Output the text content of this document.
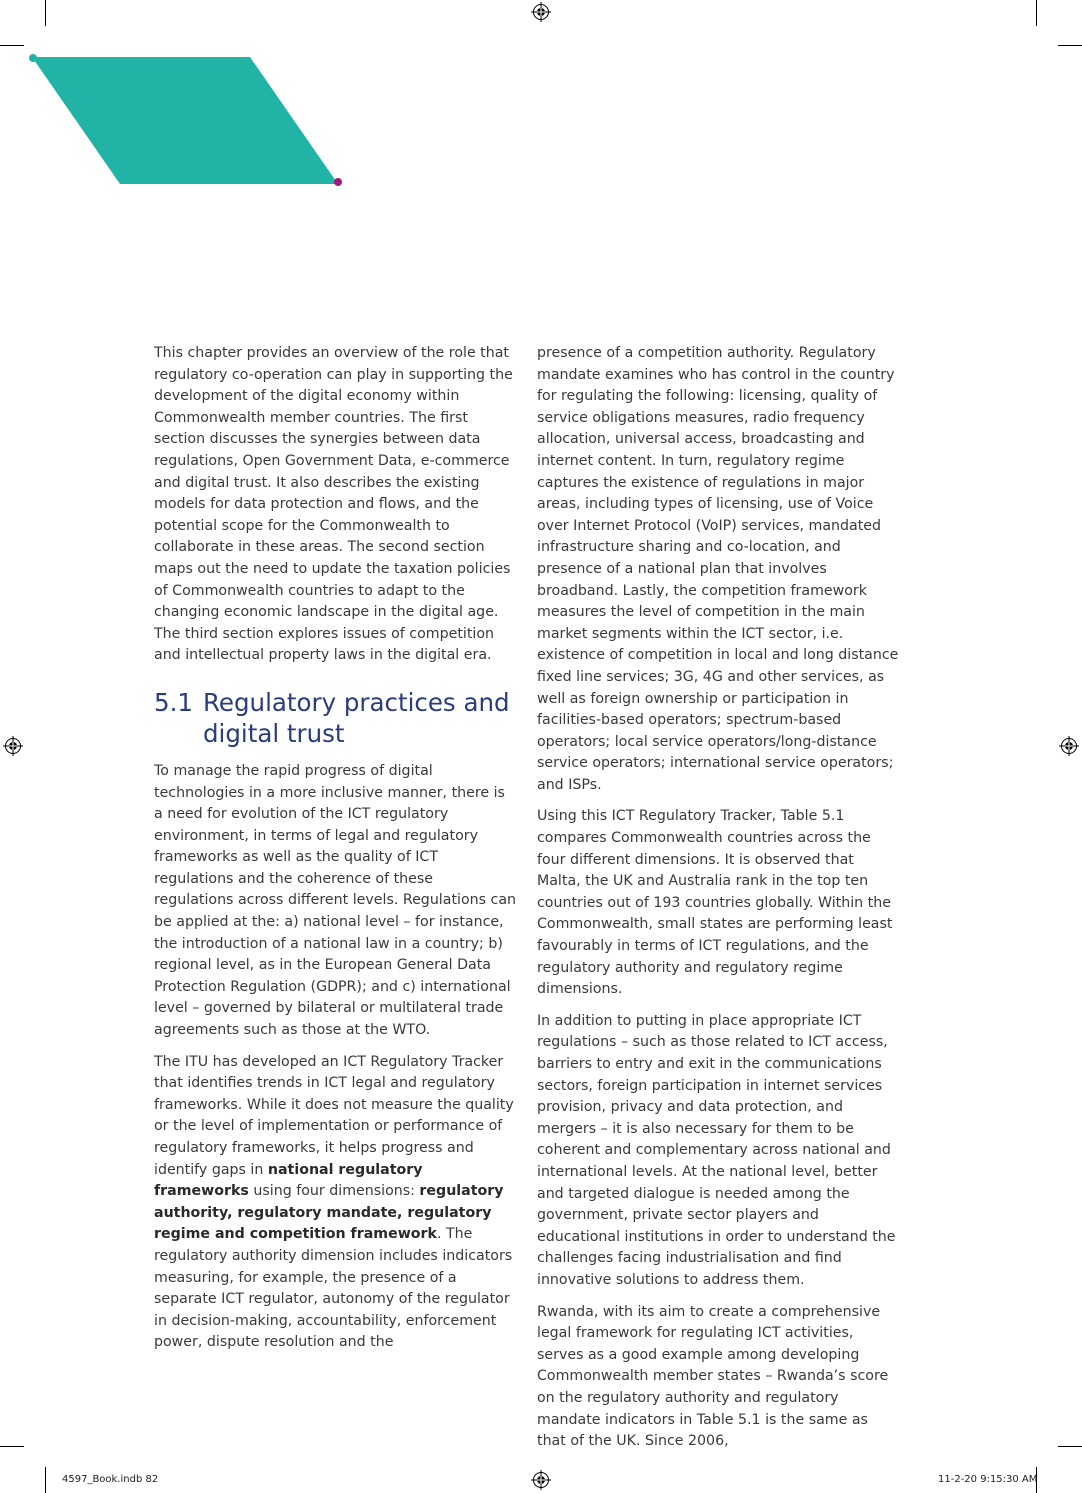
This chapter provides an overview of the role that regulatory co-operation can play in supporting the development of the digital economy within Commonwealth member countries. The first section discusses the synergies between data regulations, Open Government Data, e-commerce and digital trust. It also describes the existing models for data protection and flows, and the potential scope for the Commonwealth to collaborate in these areas. The second section maps out the need to update the taxation policies of Commonwealth countries to adapt to the changing economic landscape in the digital age. The third section explores issues of competition and intellectual property laws in the digital era.

5.1 Regulatory practices and digital trust

To manage the rapid progress of digital technologies in a more inclusive manner, there is a need for evolution of the ICT regulatory environment, in terms of legal and regulatory frameworks as well as the quality of ICT regulations and the coherence of these regulations across different levels. Regulations can be applied at the: a) national level – for instance, the introduction of a national law in a country; b) regional level, as in the European General Data Protection Regulation (GDPR); and c) international level – governed by bilateral or multilateral trade agreements such as those at the WTO.

The ITU has developed an ICT Regulatory Tracker that identifies trends in ICT legal and regulatory frameworks. While it does not measure the quality or the level of implementation or performance of regulatory frameworks, it helps progress and identify gaps in national regulatory frameworks using four dimensions: regulatory authority, regulatory mandate, regulatory regime and competition framework. The regulatory authority dimension includes indicators measuring, for example, the presence of a separate ICT regulator, autonomy of the regulator in decision-making, accountability, enforcement power, dispute resolution and the

presence of a competition authority. Regulatory mandate examines who has control in the country for regulating the following: licensing, quality of service obligations measures, radio frequency allocation, universal access, broadcasting and internet content. In turn, regulatory regime captures the existence of regulations in major areas, including types of licensing, use of Voice over Internet Protocol (VoIP) services, mandated infrastructure sharing and co-location, and presence of a national plan that involves broadband. Lastly, the competition framework measures the level of competition in the main market segments within the ICT sector, i.e. existence of competition in local and long distance fixed line services; 3G, 4G and other services, as well as foreign ownership or participation in facilities-based operators; spectrum-based operators; local service operators/long-distance service operators; international service operators; and ISPs.

Using this ICT Regulatory Tracker, Table 5.1 compares Commonwealth countries across the four different dimensions. It is observed that Malta, the UK and Australia rank in the top ten countries out of 193 countries globally. Within the Commonwealth, small states are performing least favourably in terms of ICT regulations, and the regulatory authority and regulatory regime dimensions.

In addition to putting in place appropriate ICT regulations – such as those related to ICT access, barriers to entry and exit in the communications sectors, foreign participation in internet services provision, privacy and data protection, and mergers – it is also necessary for them to be coherent and complementary across national and international levels. At the national level, better and targeted dialogue is needed among the government, private sector players and educational institutions in order to understand the challenges facing industrialisation and find innovative solutions to address them.

Rwanda, with its aim to create a comprehensive legal framework for regulating ICT activities, serves as a good example among developing Commonwealth member states – Rwanda’s score on the regulatory authority and regulatory mandate indicators in Table 5.1 is the same as that of the UK. Since 2006,

4597_Book.indb 82	11-2-20 9:15:30 AM
